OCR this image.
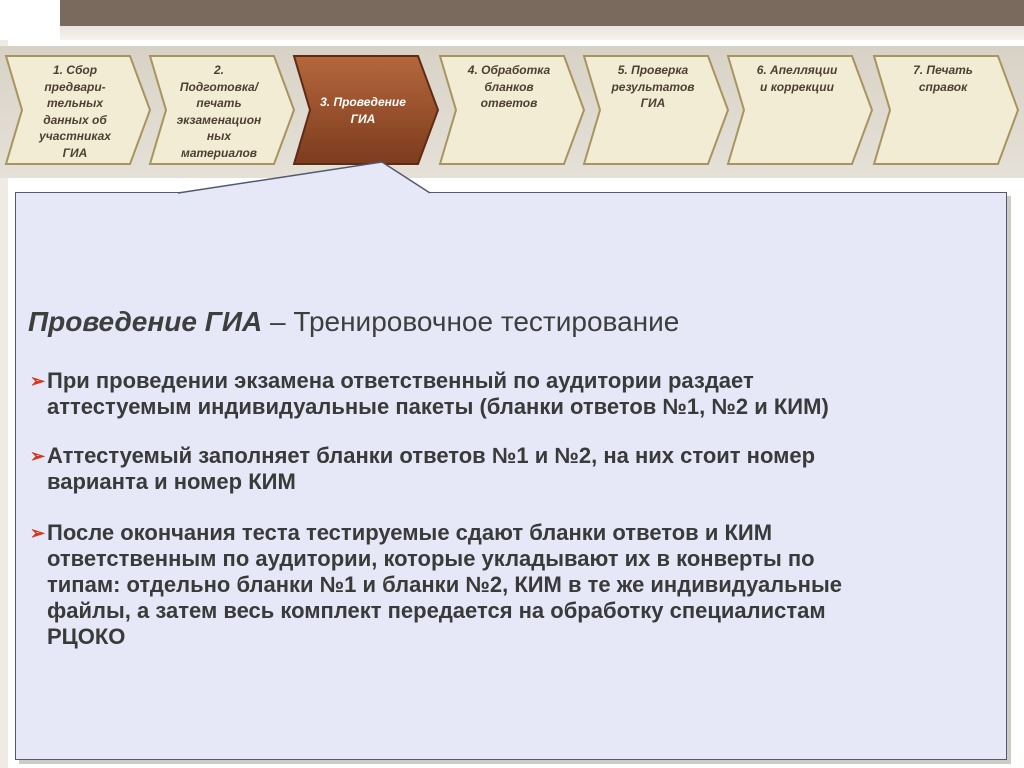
1. Сбор
предвари-
тельных
данных об
участниках
ГИА
2.
Подготовка/
печать
экзаменацион
ных
материалов
3. Проведение
ГИА
4. Обработка
бланков
ответов
5. Проверка
результатов
ГИА
6. Апелляции
и коррекции
7. Печать
справок
Проведение ГИА – Тренировочное тестирование
➢ При проведении экзамена ответственный по аудитории раздает
аттестуемым индивидуальные пакеты (бланки ответов №1, №2 и КИМ)
➢ Аттестуемый заполняет бланки ответов №1 и №2, на них стоит номер
варианта и номер КИМ
➢ После окончания теста тестируемые сдают бланки ответов и КИМ
ответственным по аудитории, которые укладывают их в конверты по
типам: отдельно бланки №1 и бланки №2, КИМ в те же индивидуальные
файлы, а затем весь комплект передается на обработку специалистам
РЦОКО
